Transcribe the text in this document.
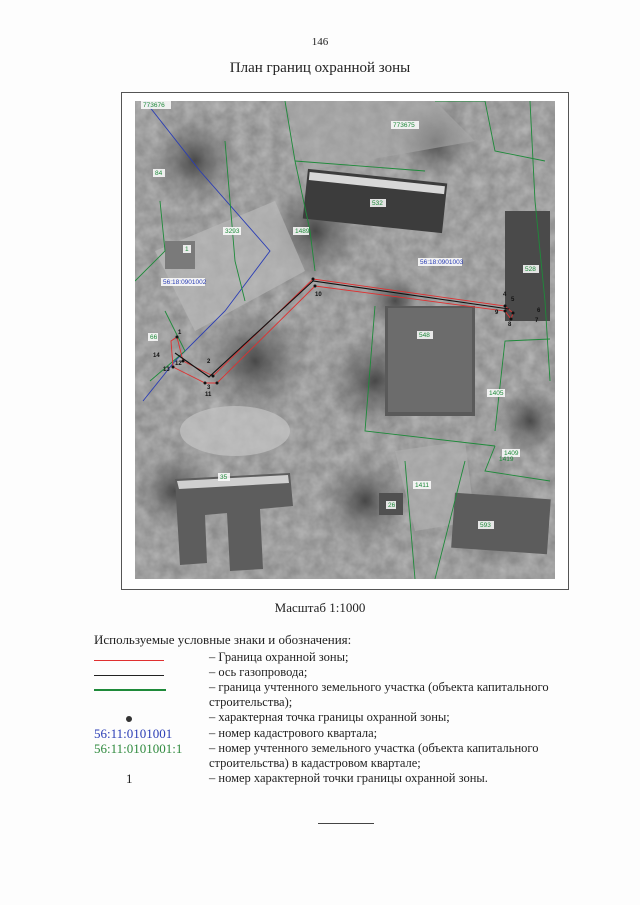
146
План границ охранной зоны
773676
773675
532
84
3293	1489
528
548
1409
1405
1419
1411
26
593
35
66
1
56:18:0901003
56:18:0901002
1
2
3
4
5
6
7
8
9
10
11
12
13
14
Масштаб 1:1000
Используемые условные знаки и обозначения:
– Граница охранной зоны;
– ось газопровода;
– граница учтенного земельного участка (объекта капитального строительства);
– характерная точка границы охранной зоны;
56:11:0101001	– номер кадастрового квартала;
56:11:0101001:1 – номер учтенного земельного участка (объекта капитального строительства) в кадастровом квартале;
1	– номер характерной точки границы охранной зоны.
